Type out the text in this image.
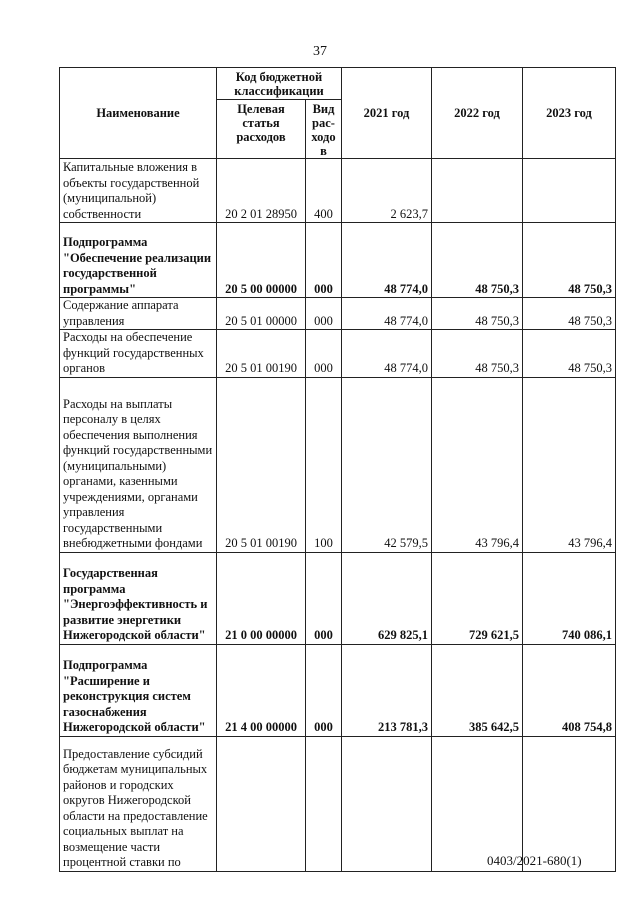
37
Наименование	Код бюджетной классификации		2021 год	2022 год	2023 год
	Целевая статья расходов	Вид рас-ходов			
Капитальные вложения в объекты государственной (муниципальной) собственности	20 2 01 28950	400	2 623,7		
Подпрограмма "Обеспечение реализации государственной программы"	20 5 00 00000	000	48 774,0	48 750,3	48 750,3
Содержание аппарата управления	20 5 01 00000	000	48 774,0	48 750,3	48 750,3
Расходы на обеспечение функций государственных органов	20 5 01 00190	000	48 774,0	48 750,3	48 750,3
Расходы на выплаты персоналу в целях обеспечения выполнения функций государственными (муниципальными) органами, казенными учреждениями, органами управления государственными внебюджетными фондами	20 5 01 00190	100	42 579,5	43 796,4	43 796,4
Государственная программа "Энергоэффективность и развитие энергетики Нижегородской области"	21 0 00 00000	000	629 825,1	729 621,5	740 086,1
Подпрограмма "Расширение и реконструкция систем газоснабжения Нижегородской области"	21 4 00 00000	000	213 781,3	385 642,5	408 754,8
Предоставление субсидий бюджетам муниципальных районов и городских округов Нижегородской области на предоставление социальных выплат на возмещение части процентной ставки по						0403/2021-680(1)
